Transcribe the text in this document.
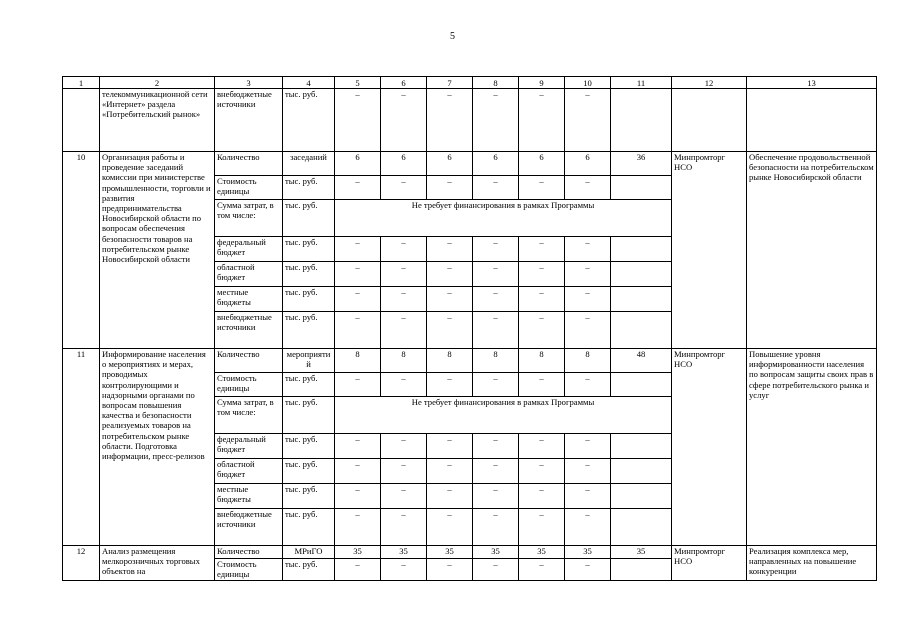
5
1	2	3	4	5	6	7	8	9	10	11	12	13
	телекоммуникационной сети «Интернет» раздела «Потребительский рынок»	внебюджетные источники	тыс. руб.	–	–	–	–	–	–			
10	Организация работы и проведение заседаний комиссии при министерстве промышленности, торговли и развития предпринимательства Новосибирской области по вопросам обеспечения безопасности товаров на потребительском рынке Новосибирской области	Количество	заседаний	6	6	6	6	6	6	36	Минпромторг НСО	Обеспечение продовольственной безопасности на потребительском рынке Новосибирской области
		Стоимость единицы	тыс. руб.	–	–	–	–	–	–			
		Сумма затрат, в том числе:	тыс. руб.	Не требует финансирования в рамках Программы								
		федеральный бюджет	тыс. руб.	–	–	–	–	–	–			
		областной бюджет	тыс. руб.	–	–	–	–	–	–			
		местные бюджеты	тыс. руб.	–	–	–	–	–	–			
		внебюджетные источники	тыс. руб.	–	–	–	–	–	–			
11	Информирование населения о мероприятиях и мерах, проводимых контролирующими и надзорными органами по вопросам повышения качества и безопасности реализуемых товаров на потребительском рынке области. Подготовка информации, пресс-релизов	Количество	мероприятий	8	8	8	8	8	8	48	Минпромторг НСО	Повышение уровня информированности населения по вопросам защиты своих прав в сфере потребительского рынка и услуг
		Стоимость единицы	тыс. руб.	–	–	–	–	–	–			
		Сумма затрат, в том числе:	тыс. руб.	Не требует финансирования в рамках Программы								
		федеральный бюджет	тыс. руб.	–	–	–	–	–	–			
		областной бюджет	тыс. руб.	–	–	–	–	–	–			
		местные бюджеты	тыс. руб.	–	–	–	–	–	–			
		внебюджетные источники	тыс. руб.	–	–	–	–	–	–			
12	Анализ размещения мелкорозничных торговых объектов на	Количество	МРиГО	35	35	35	35	35	35	35	Минпромторг НСО	Реализация комплекса мер, направленных на повышение конкуренции
		Стоимость единицы	тыс. руб.	–	–	–	–	–	–			
